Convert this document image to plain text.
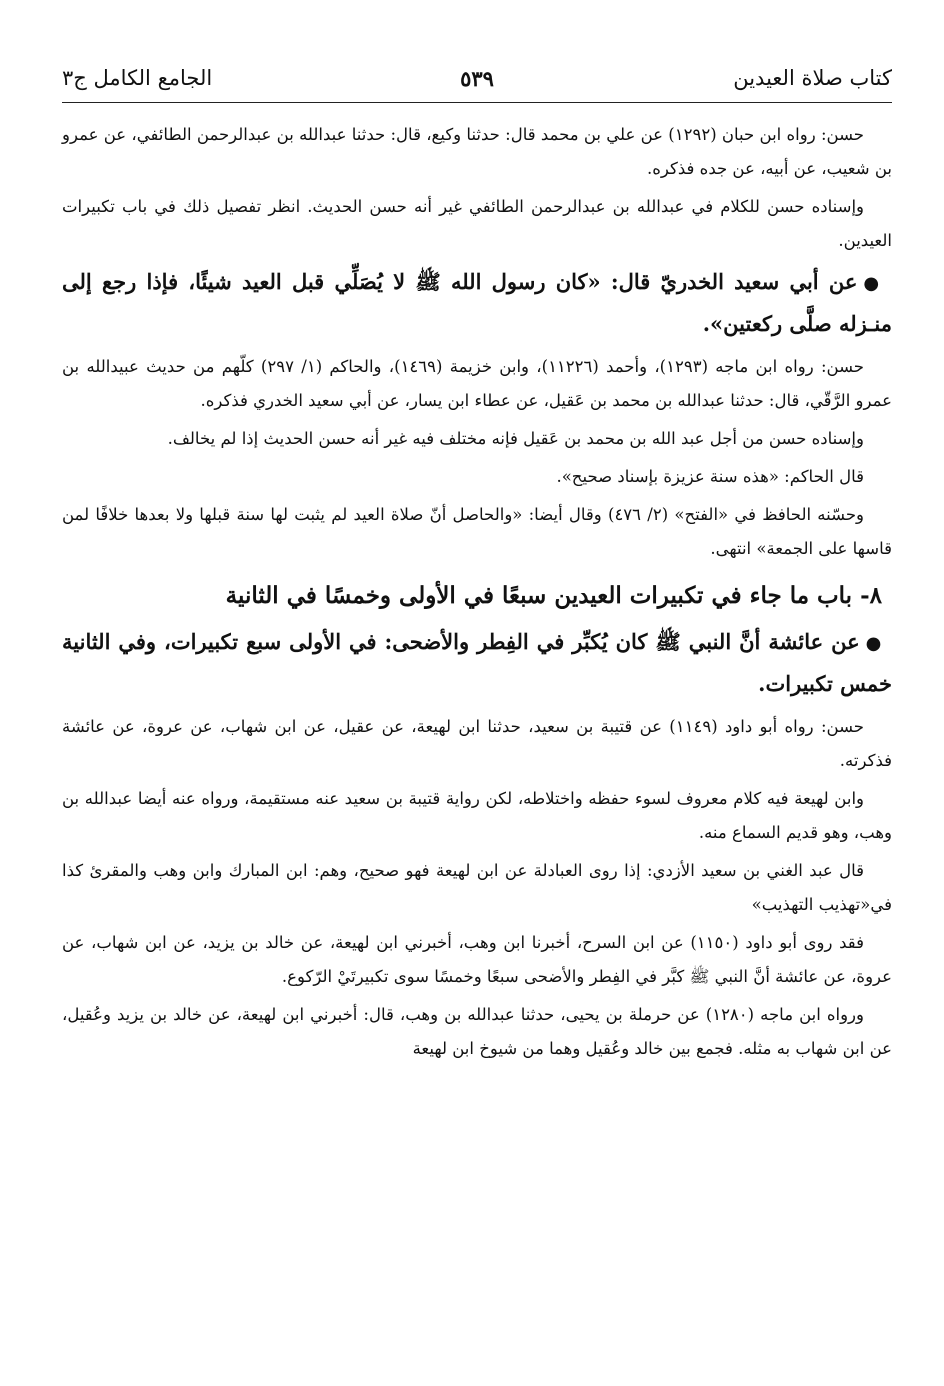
كتاب صلاة العيدين
٥٣٩
الجامع الكامل ج٣

حسن: رواه ابن حبان (١٢٩٢) عن علي بن محمد قال: حدثنا وكيع، قال: حدثنا عبدالله بن عبدالرحمن الطائفي، عن عمرو بن شعيب، عن أبيه، عن جده فذكره.

وإسناده حسن للكلام في عبدالله بن عبدالرحمن الطائفي غير أنه حسن الحديث. انظر تفصيل ذلك في باب تكبيرات العيدين.

●عن أبي سعيد الخدريّ قال: «كان رسول الله ﷺ لا يُصَلِّي قبل العيد شيئًا، فإذا رجع إلى منـزله صلَّى ركعتين».

حسن: رواه ابن ماجه (١٢٩٣)، وأحمد (١١٢٢٦)، وابن خزيمة (١٤٦٩)، والحاكم (١/ ٢٩٧) كلّهم من حديث عبيدالله بن عمرو الرَّقّي، قال: حدثنا عبدالله بن محمد بن عَقيل، عن عطاء ابن يسار، عن أبي سعيد الخدري فذكره.

وإسناده حسن من أجل عبد الله بن محمد بن عَقيل فإنه مختلف فيه غير أنه حسن الحديث إذا لم يخالف.

قال الحاكم: «هذه سنة عزيزة بإسناد صحيح».

وحسّنه الحافظ في «الفتح» (٢/ ٤٧٦) وقال أيضا: «والحاصل أنّ صلاة العيد لم يثبت لها سنة قبلها ولا بعدها خلافًا لمن قاسها على الجمعة» انتهى.

٨- باب ما جاء في تكبيرات العيدين سبعًا في الأولى وخمسًا في الثانية

●عن عائشة أنَّ النبي ﷺ كان يُكبِّر في الفِطر والأضحى: في الأولى سبع تكبيرات، وفي الثانية خمس تكبيرات.

حسن: رواه أبو داود (١١٤٩) عن قتيبة بن سعيد، حدثنا ابن لهيعة، عن عقيل، عن ابن شهاب، عن عروة، عن عائشة فذكرته.

وابن لهيعة فيه كلام معروف لسوء حفظه واختلاطه، لكن رواية قتيبة بن سعيد عنه مستقيمة، ورواه عنه أيضا عبدالله بن وهب، وهو قديم السماع منه.

قال عبد الغني بن سعيد الأزدي: إذا روى العبادلة عن ابن لهيعة فهو صحيح، وهم: ابن المبارك وابن وهب والمقرئ كذا في«تهذيب التهذيب»

فقد روى أبو داود (١١٥٠) عن ابن السرح، أخبرنا ابن وهب، أخبرني ابن لهيعة، عن خالد بن يزيد، عن ابن شهاب، عن عروة، عن عائشة أنَّ النبي ﷺ كبَّر في الفِطر والأضحى سبعًا وخمسًا سوى تكبيرتَيْ الرّكوع.

ورواه ابن ماجه (١٢٨٠) عن حرملة بن يحيى، حدثنا عبدالله بن وهب، قال: أخبرني ابن لهيعة، عن خالد بن يزيد وعُقيل، عن ابن شهاب به مثله. فجمع بين خالد وعُقيل وهما من شيوخ ابن لهيعة
